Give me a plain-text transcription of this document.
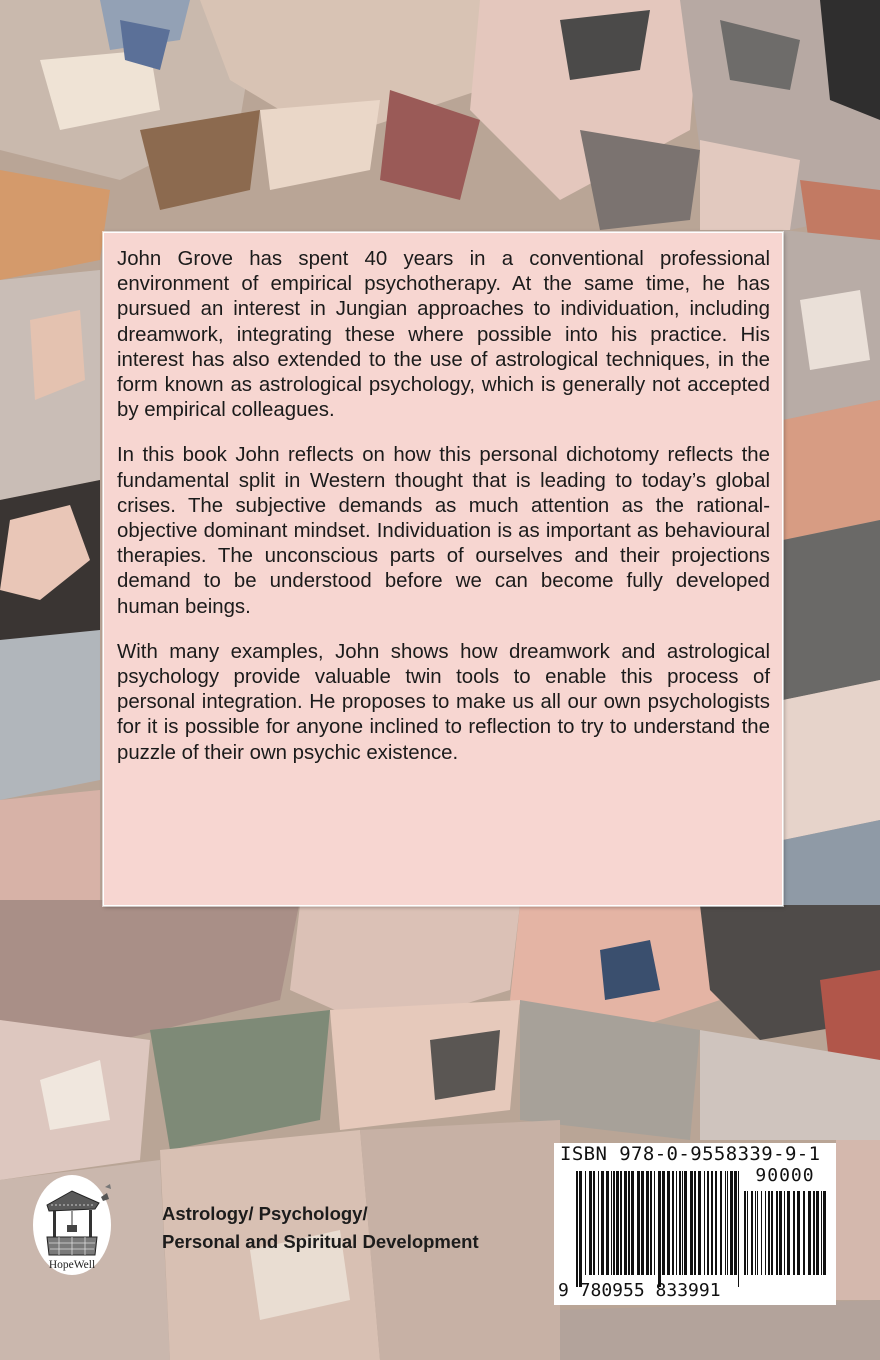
John Grove has spent 40 years in a conventional professional environment of empirical psychotherapy. At the same time, he has pursued an interest in Jungian approaches to individuation, including dreamwork, integrating these where possible into his practice. His interest has also extended to the use of astrological techniques, in the form known as astrological psychology, which is generally not accepted by empirical colleagues.

In this book John reflects on how this personal dichotomy reflects the fundamental split in Western thought that is leading to today’s global crises. The subjective demands as much attention as the rational-objective dominant mindset. Individuation is as important as behavioural therapies. The unconscious parts of ourselves and their projections demand to be understood before we can become fully developed human beings.

With many examples, John shows how dreamwork and astrological psychology provide valuable twin tools to enable this process of personal integration. He proposes to make us all our own psychologists for it is possible for anyone inclined to reflection to try to understand the puzzle of their own psychic existence.

HopeWell
Astrology/ Psychology/
Personal and Spiritual Development
ISBN 978-0-9558339-9-1
90000
9 780955 833991
